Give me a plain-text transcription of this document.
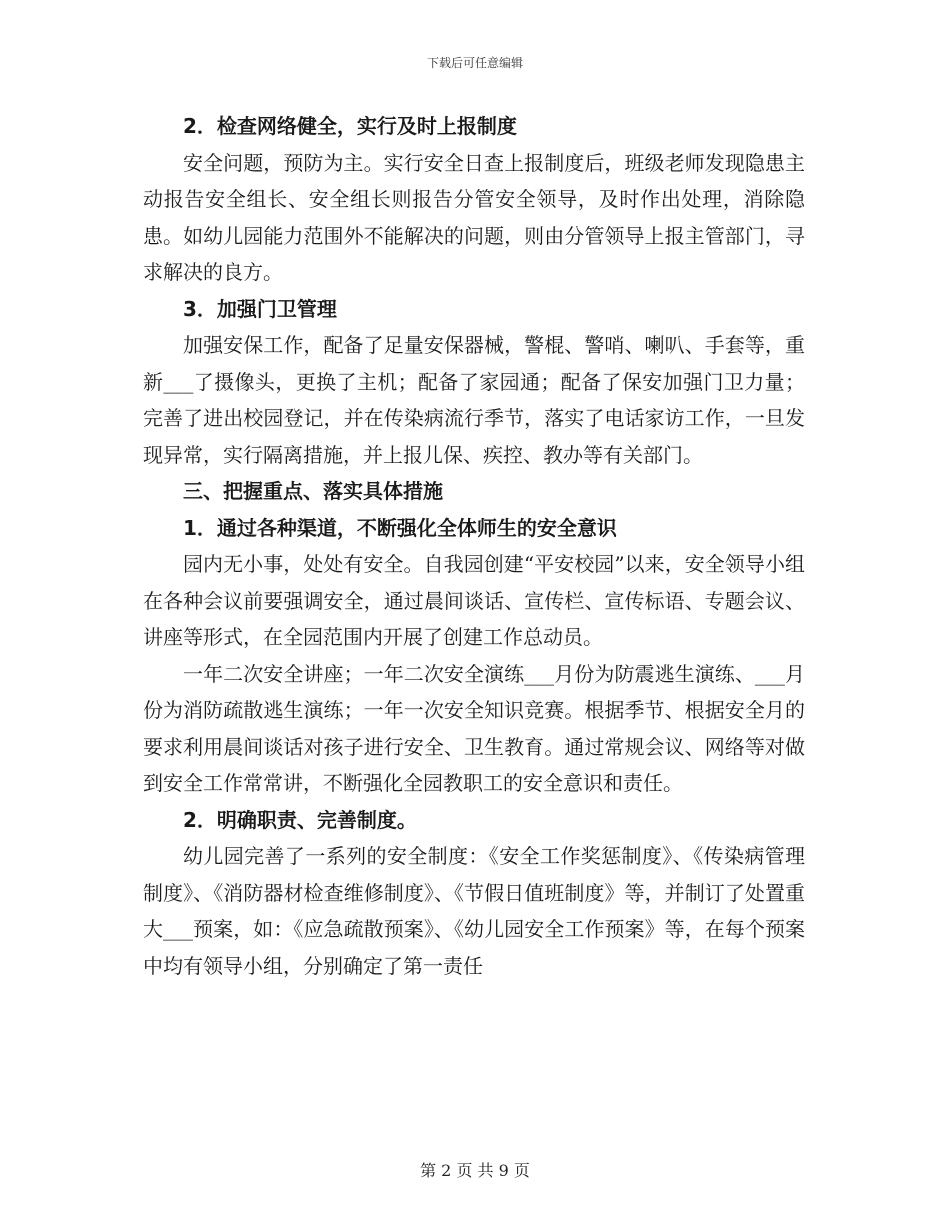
下载后可任意编辑

2．检查网络健全，实行及时上报制度

安全问题，预防为主。实行安全日查上报制度后，班级老师发现隐患主动报告安全组长、安全组长则报告分管安全领导，及时作出处理，消除隐患。如幼儿园能力范围外不能解决的问题，则由分管领导上报主管部门，寻求解决的良方。

3．加强门卫管理

加强安保工作，配备了足量安保器械，警棍、警哨、喇叭、手套等，重新___了摄像头，更换了主机；配备了家园通；配备了保安加强门卫力量；完善了进出校园登记，并在传染病流行季节，落实了电话家访工作，一旦发现异常，实行隔离措施，并上报儿保、疾控、教办等有关部门。

三、把握重点、落实具体措施

1．通过各种渠道，不断强化全体师生的安全意识

园内无小事，处处有安全。自我园创建“平安校园”以来，安全领导小组在各种会议前要强调安全，通过晨间谈话、宣传栏、宣传标语、专题会议、讲座等形式，在全园范围内开展了创建工作总动员。

一年二次安全讲座；一年二次安全演练___月份为防震逃生演练、___月份为消防疏散逃生演练；一年一次安全知识竞赛。根据季节、根据安全月的要求利用晨间谈话对孩子进行安全、卫生教育。通过常规会议、网络等对做到安全工作常常讲，不断强化全园教职工的安全意识和责任。

2．明确职责、完善制度。

幼儿园完善了一系列的安全制度：《安全工作奖惩制度》、《传染病管理制度》、《消防器材检查维修制度》、《节假日值班制度》等，并制订了处置重大___预案，如：《应急疏散预案》、《幼儿园安全工作预案》等，在每个预案中均有领导小组，分别确定了第一责任

第 2 页 共 9 页
